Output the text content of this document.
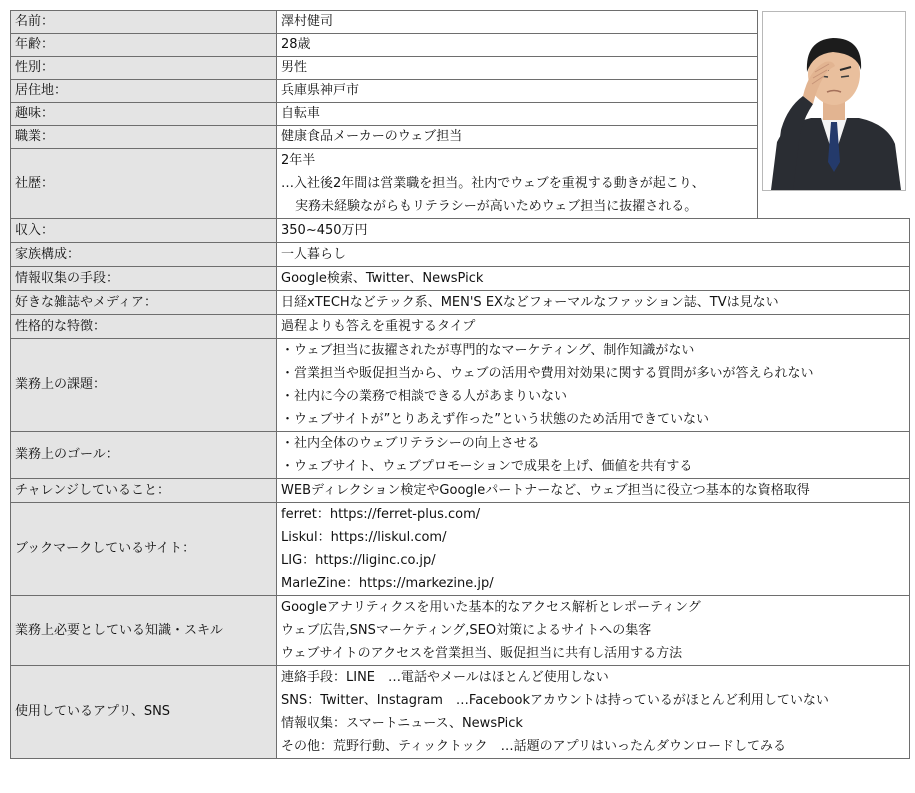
名前：	澤村健司	

年齢：	28歳	
性別：	男性	
居住地：	兵庫県神戸市	
趣味：	自転車	
職業：	健康食品メーカーのウェブ担当	
社歴：	2年半
…入社後2年間は営業職を担当。社内でウェブを重視する動きが起こり、
実務未経験ながらもリテラシーが高いためウェブ担当に抜擢される。	

収入：	350~450万円	

家族構成：	一人暮らし	

情報収集の手段：	Google検索、Twitter、NewsPick	

好きな雑誌やメディア：	日経xTECHなどテック系、MEN'S EXなどフォーマルなファッション誌、TVは見ない	

性格的な特徴：	過程よりも答えを重視するタイプ	

業務上の課題：	・ウェブ担当に抜擢されたが専門的なマーケティング、制作知識がない
・営業担当や販促担当から、ウェブの活用や費用対効果に関する質問が多いが答えられない
・社内に今の業務で相談できる人があまりいない
・ウェブサイトが”とりあえず作った”という状態のため活用できていない	

業務上のゴール：	・社内全体のウェブリテラシーの向上させる
・ウェブサイト、ウェブプロモーションで成果を上げ、価値を共有する	

チャレンジしていること：	WEBディレクション検定やGoogleパートナーなど、ウェブ担当に役立つ基本的な資格取得	

ブックマークしているサイト：	ferret：https://ferret-plus.com/
Liskul：https://liskul.com/
LIG：https://liginc.co.jp/
MarleZine：https://markezine.jp/	

業務上必要としている知識・スキル	Googleアナリティクスを用いた基本的なアクセス解析とレポーティング
ウェブ広告,SNSマーケティング,SEO対策によるサイトへの集客
ウェブサイトのアクセスを営業担当、販促担当に共有し活用する方法	

使用しているアプリ、SNS	連絡手段：LINE　…電話やメールはほとんど使用しない
SNS：Twitter、Instagram　…Facebookアカウントは持っているがほとんど利用していない
情報収集：スマートニュース、NewsPick
その他：荒野行動、ティックトック　…話題のアプリはいったんダウンロードしてみる	
